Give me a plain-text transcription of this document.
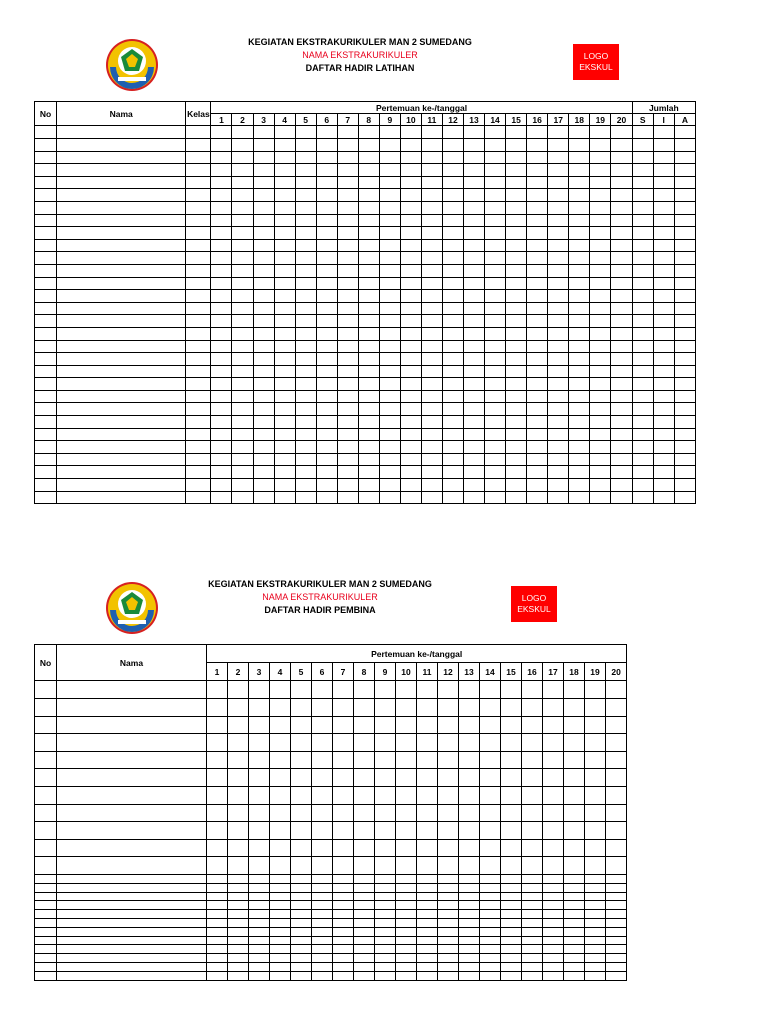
KEGIATAN EKSTRAKURIKULER MAN 2 SUMEDANG
NAMA EKSTRAKURIKULER
DAFTAR HADIR LATIHAN
LOGO EKSKUL
No	Nama	Kelas	Pertemuan ke-/tanggal																				Jumlah		
			1	2	3	4	5	6	7	8	9	10	11	12	13	14	15	16	17	18	19	20	S	I	A

KEGIATAN EKSTRAKURIKULER MAN 2 SUMEDANG
NAMA EKSTRAKURIKULER
DAFTAR HADIR PEMBINA
LOGO EKSKUL
No	Nama	Pertemuan ke-/tanggal																			
		1	2	3	4	5	6	7	8	9	10	11	12	13	14	15	16	17	18	19	20
